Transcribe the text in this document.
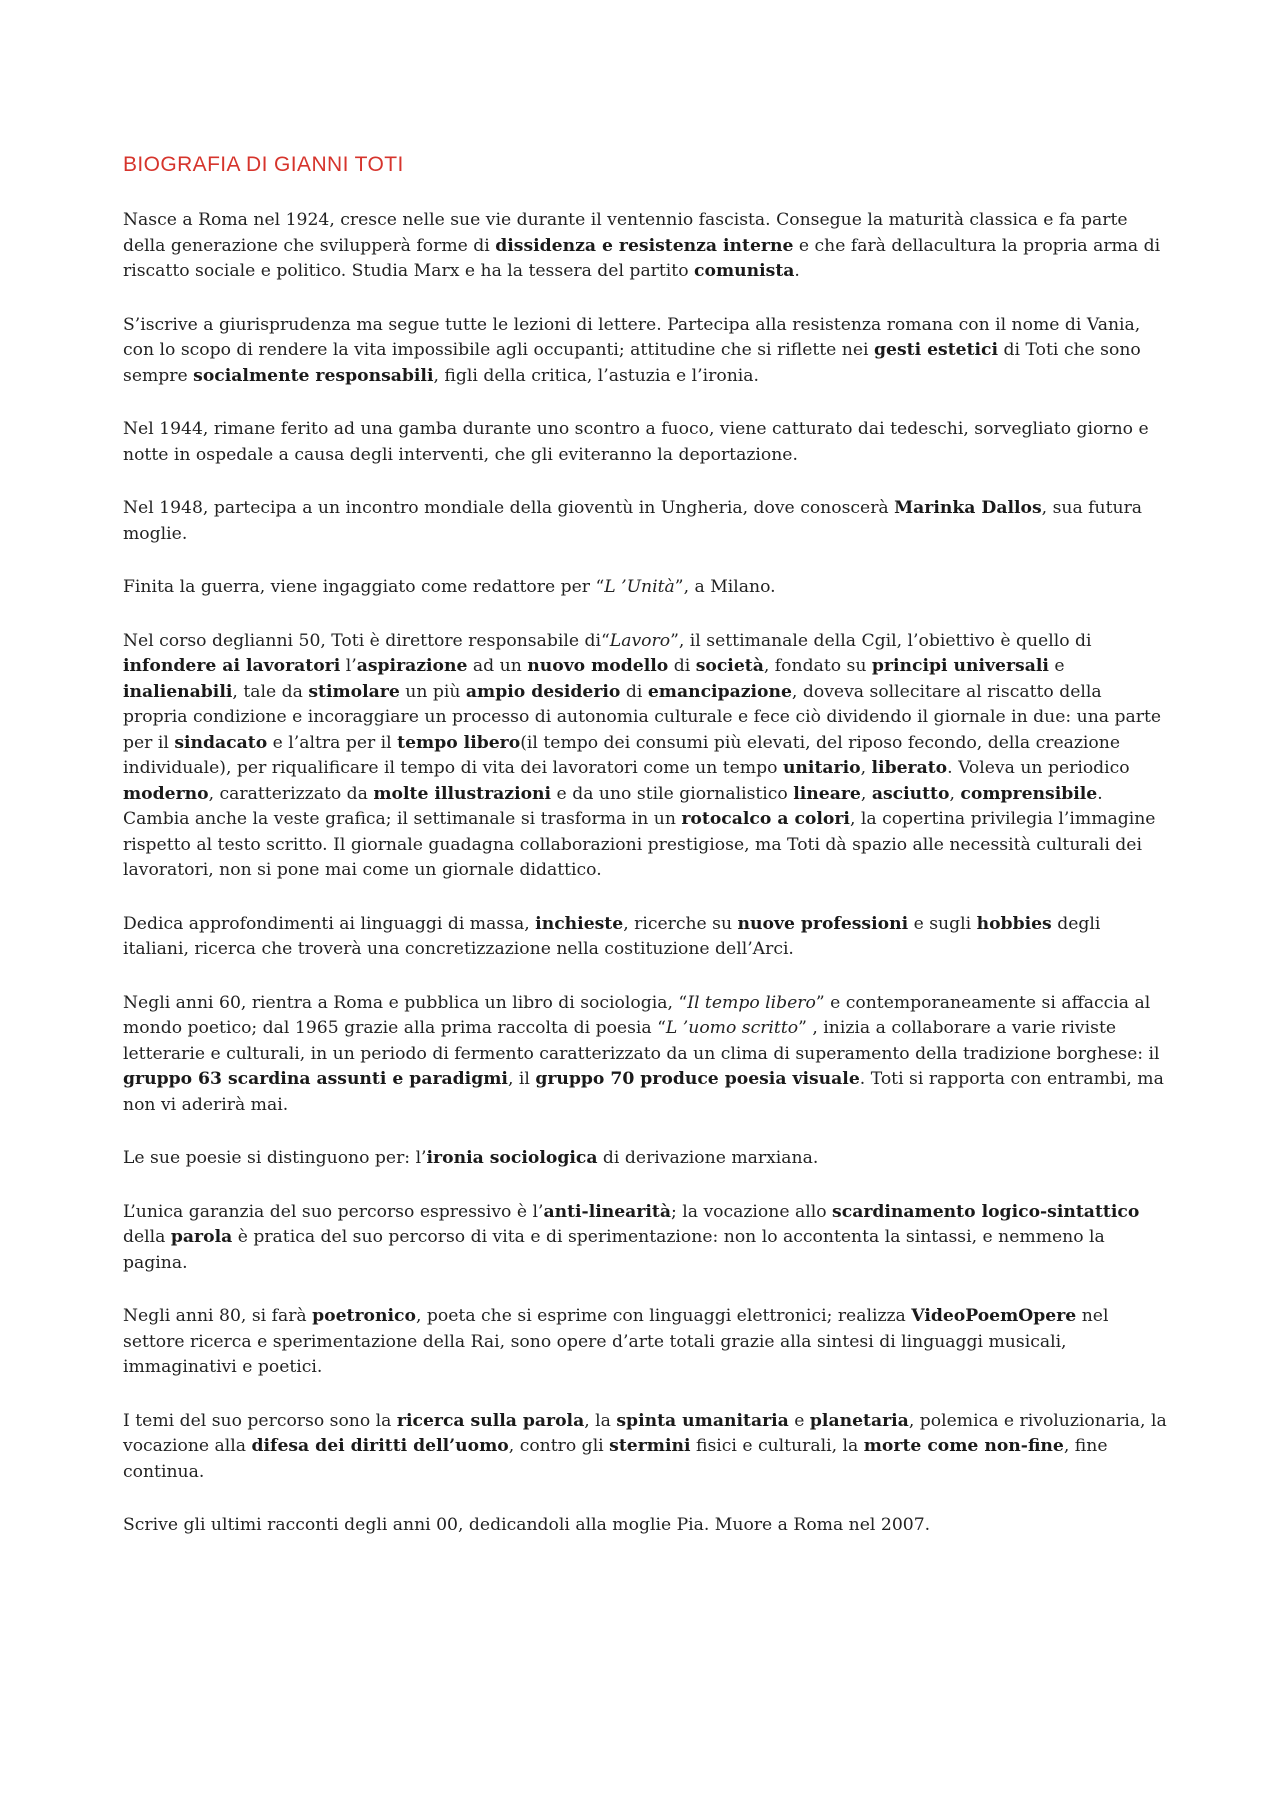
BIOGRAFIA DI GIANNI TOTI

Nasce a Roma nel 1924, cresce nelle sue vie durante il ventennio fascista. Consegue la maturità classica e fa parte della generazione che svilupperà forme di dissidenza e resistenza interne e che farà dellacultura la propria arma di riscatto sociale e politico. Studia Marx e ha la tessera del partito comunista.

S’iscrive a giurisprudenza ma segue tutte le lezioni di lettere. Partecipa alla resistenza romana con il nome di Vania, con lo scopo di rendere la vita impossibile agli occupanti; attitudine che si riflette nei gesti estetici di Toti che sono sempre socialmente responsabili, figli della critica, l’astuzia e l’ironia.

Nel 1944, rimane ferito ad una gamba durante uno scontro a fuoco, viene catturato dai tedeschi, sorvegliato giorno e notte in ospedale a causa degli interventi, che gli eviteranno la deportazione.

Nel 1948, partecipa a un incontro mondiale della gioventù in Ungheria, dove conoscerà Marinka Dallos, sua futura moglie.

Finita la guerra, viene ingaggiato come redattore per “L ’Unità”, a Milano.

Nel corso deglianni 50, Toti è direttore responsabile di“Lavoro”, il settimanale della Cgil, l’obiettivo è quello di infondere ai lavoratori l’aspirazione ad un nuovo modello di società, fondato su principi universali e inalienabili, tale da stimolare un più ampio desiderio di emancipazione, doveva sollecitare al riscatto della propria condizione e incoraggiare un processo di autonomia culturale e fece ciò dividendo il giornale in due: una parte per il sindacato e l’altra per il tempo libero(il tempo dei consumi più elevati, del riposo fecondo, della creazione individuale), per riqualificare il tempo di vita dei lavoratori come un tempo unitario, liberato. Voleva un periodico moderno, caratterizzato da molte illustrazioni e da uno stile giornalistico lineare, asciutto, comprensibile. Cambia anche la veste grafica; il settimanale si trasforma in un rotocalco a colori, la copertina privilegia l’immagine rispetto al testo scritto. Il giornale guadagna collaborazioni prestigiose, ma Toti dà spazio alle necessità culturali dei lavoratori, non si pone mai come un giornale didattico.

Dedica approfondimenti ai linguaggi di massa, inchieste, ricerche su nuove professioni e sugli hobbies degli italiani, ricerca che troverà una concretizzazione nella costituzione dell’Arci.

Negli anni 60, rientra a Roma e pubblica un libro di sociologia, “Il tempo libero” e contemporaneamente si affaccia al mondo poetico; dal 1965 grazie alla prima raccolta di poesia “L ’uomo scritto” , inizia a collaborare a varie riviste letterarie e culturali, in un periodo di fermento caratterizzato da un clima di superamento della tradizione borghese: il gruppo 63 scardina assunti e paradigmi, il gruppo 70 produce poesia visuale. Toti si rapporta con entrambi, ma non vi aderirà mai.

Le sue poesie si distinguono per: l’ironia sociologica di derivazione marxiana.

L’unica garanzia del suo percorso espressivo è l’anti-linearità; la vocazione allo scardinamento logico-sintattico della parola è pratica del suo percorso di vita e di sperimentazione: non lo accontenta la sintassi, e nemmeno la pagina.

Negli anni 80, si farà poetronico, poeta che si esprime con linguaggi elettronici; realizza VideoPoemOpere nel settore ricerca e sperimentazione della Rai, sono opere d’arte totali grazie alla sintesi di linguaggi musicali, immaginativi e poetici.

I temi del suo percorso sono la ricerca sulla parola, la spinta umanitaria e planetaria, polemica e rivoluzionaria, la vocazione alla difesa dei diritti dell’uomo, contro gli stermini fisici e culturali, la morte come non-fine, fine continua.

Scrive gli ultimi racconti degli anni 00, dedicandoli alla moglie Pia. Muore a Roma nel 2007.
